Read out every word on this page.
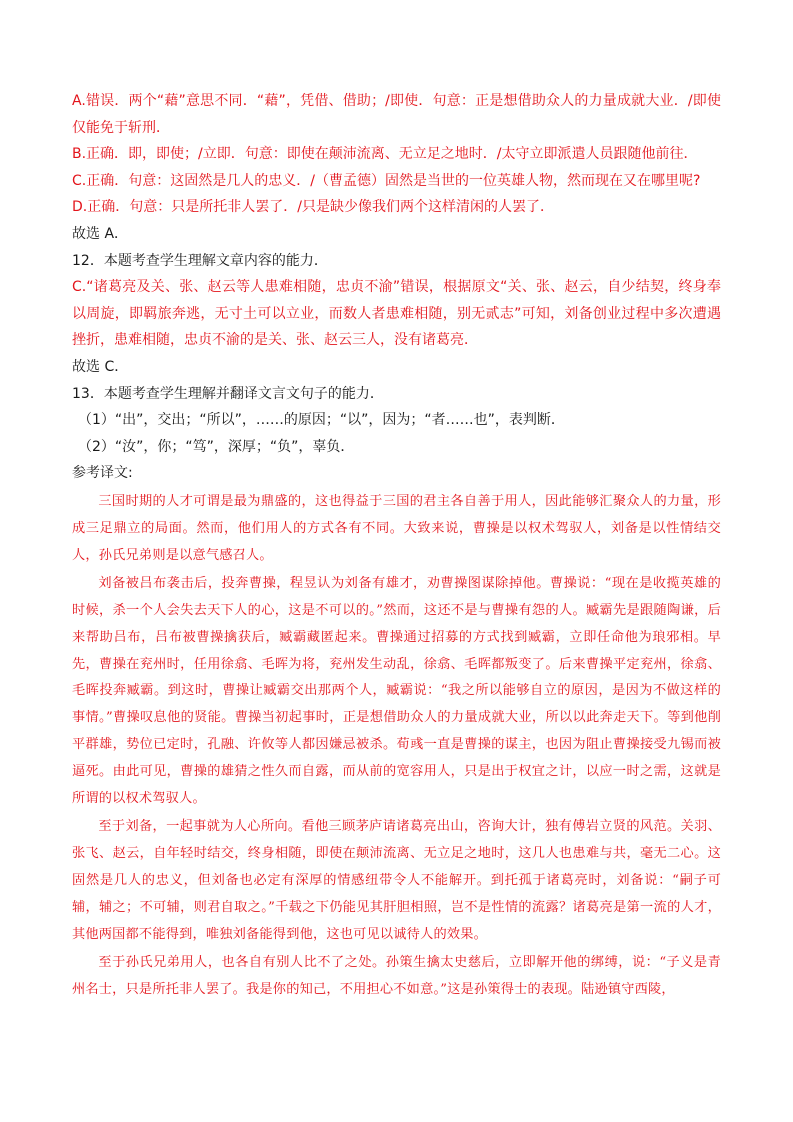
A.错误．两个“藉”意思不同．“藉”，凭借、借助；/即使．句意：正是想借助众人的力量成就大业．/即使仅能免于斩刑．

B.正确．即，即使；/立即．句意：即使在颠沛流离、无立足之地时．/太守立即派遣人员跟随他前往．

C.正确．句意：这固然是几人的忠义．/（曹孟德）固然是当世的一位英雄人物，然而现在又在哪里呢?

D.正确．句意：只是所托非人罢了．/只是缺少像我们两个这样清闲的人罢了．

故选 A．

12．本题考查学生理解文章内容的能力．

C.“诸葛亮及关、张、赵云等人患难相随，忠贞不渝”错误，根据原文“关、张、赵云，自少结契，终身奉以周旋，即羁旅奔逃，无寸土可以立业，而数人者患难相随，别无贰志”可知，刘备创业过程中多次遭遇挫折，患难相随，忠贞不渝的是关、张、赵云三人，没有诸葛亮．

故选 C．

13．本题考查学生理解并翻译文言文句子的能力．

（1）“出”，交出；“所以”，……的原因；“以”，因为；“者……也”，表判断．

（2）“汝”，你；“笃”，深厚；“负”，辜负．

参考译文:

三国时期的人才可谓是最为鼎盛的，这也得益于三国的君主各自善于用人，因此能够汇聚众人的力量，形成三足鼎立的局面。然而，他们用人的方式各有不同。大致来说，曹操是以权术驾驭人，刘备是以性情结交人，孙氏兄弟则是以意气感召人。

刘备被吕布袭击后，投奔曹操，程昱认为刘备有雄才，劝曹操图谋除掉他。曹操说：“现在是收揽英雄的时候，杀一个人会失去天下人的心，这是不可以的。”然而，这还不是与曹操有怨的人。臧霸先是跟随陶谦，后来帮助吕布，吕布被曹操擒获后，臧霸藏匿起来。曹操通过招募的方式找到臧霸，立即任命他为琅邪相。早先，曹操在兖州时，任用徐翕、毛晖为将，兖州发生动乱，徐翕、毛晖都叛变了。后来曹操平定兖州，徐翕、毛晖投奔臧霸。到这时，曹操让臧霸交出那两个人，臧霸说：“我之所以能够自立的原因，是因为不做这样的事情。”曹操叹息他的贤能。曹操当初起事时，正是想借助众人的力量成就大业，所以以此奔走天下。等到他削平群雄，势位已定时，孔融、许攸等人都因嫌忌被杀。荀彧一直是曹操的谋主，也因为阻止曹操接受九锡而被逼死。由此可见，曹操的雄猜之性久而自露，而从前的宽容用人，只是出于权宜之计，以应一时之需，这就是所谓的以权术驾驭人。

至于刘备，一起事就为人心所向。看他三顾茅庐请诸葛亮出山，咨询大计，独有傅岩立贤的风范。关羽、张飞、赵云，自年轻时结交，终身相随，即使在颠沛流离、无立足之地时，这几人也患难与共，毫无二心。这固然是几人的忠义，但刘备也必定有深厚的情感纽带令人不能解开。到托孤于诸葛亮时，刘备说：“嗣子可辅，辅之；不可辅，则君自取之。”千载之下仍能见其肝胆相照，岂不是性情的流露？诸葛亮是第一流的人才，其他两国都不能得到，唯独刘备能得到他，这也可见以诚待人的效果。

至于孙氏兄弟用人，也各自有别人比不了之处。孙策生擒太史慈后，立即解开他的绑缚，说：“子义是青州名士，只是所托非人罢了。我是你的知己，不用担心不如意。”这是孙策得士的表现。陆逊镇守西陵，
